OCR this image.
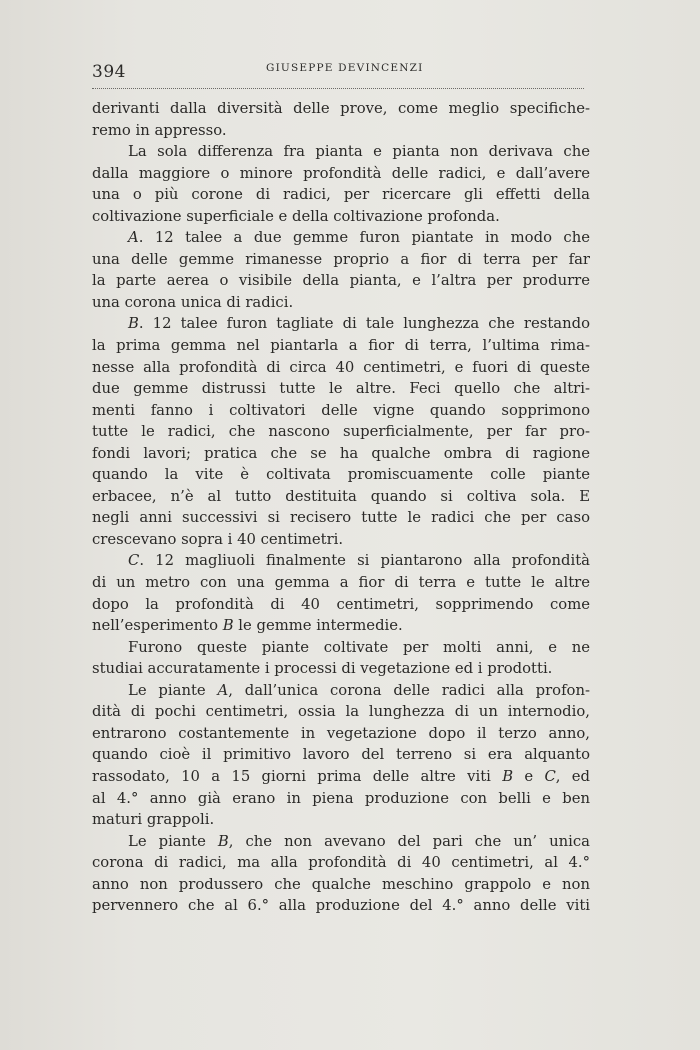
394	GIUSEPPE DEVINCENZI
derivanti dalla diversità delle prove, come meglio specifiche-
remo in appresso.
La sola differenza fra pianta e pianta non derivava che
dalla maggiore o minore profondità delle radici, e dall’avere
una o più corone di radici, per ricercare gli effetti della
coltivazione superficiale e della coltivazione profonda.
A. 12 talee a due gemme furon piantate in modo che
una delle gemme rimanesse proprio a fior di terra per far
la parte aerea o visibile della pianta, e l’altra per produrre
una corona unica di radici.
B. 12 talee furon tagliate di tale lunghezza che restando
la prima gemma nel piantarla a fior di terra, l’ultima rima-
nesse alla profondità di circa 40 centimetri, e fuori di queste
due gemme distrussi tutte le altre. Feci quello che altri-
menti fanno i coltivatori delle vigne quando sopprimono
tutte le radici, che nascono superficialmente, per far pro-
fondi lavori; pratica che se ha qualche ombra di ragione
quando la vite è coltivata promiscuamente colle piante
erbacee, n’è al tutto destituita quando si coltiva sola. E
negli anni successivi si recisero tutte le radici che per caso
crescevano sopra i 40 centimetri.
C. 12 magliuoli finalmente si piantarono alla profondità
di un metro con una gemma a fior di terra e tutte le altre
dopo la profondità di 40 centimetri, sopprimendo come
nell’esperimento B le gemme intermedie.
Furono queste piante coltivate per molti anni, e ne
studiai accuratamente i processi di vegetazione ed i prodotti.
Le piante A, dall’unica corona delle radici alla profon-
dità di pochi centimetri, ossia la lunghezza di un internodio,
entrarono costantemente in vegetazione dopo il terzo anno,
quando cioè il primitivo lavoro del terreno si era alquanto
rassodato, 10 a 15 giorni prima delle altre viti B e C, ed
al 4.° anno già erano in piena produzione con belli e ben
maturi grappoli.
Le piante B, che non avevano del pari che un’ unica
corona di radici, ma alla profondità di 40 centimetri, al 4.°
anno non produssero che qualche meschino grappolo e non
pervennero che al 6.° alla produzione del 4.° anno delle viti
